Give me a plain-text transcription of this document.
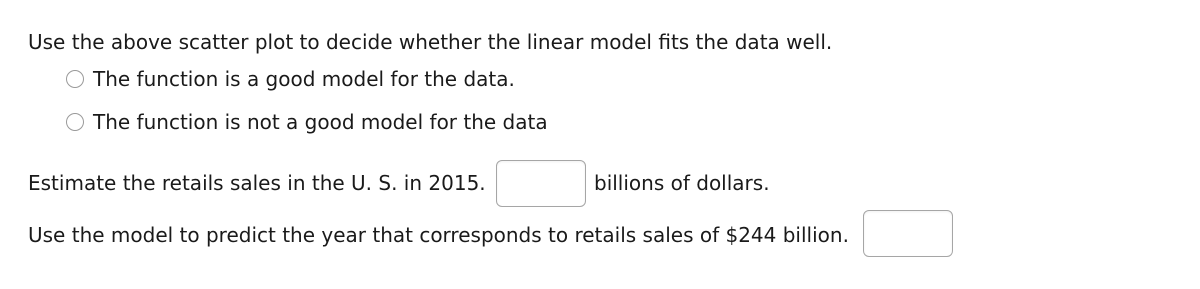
Use the above scatter plot to decide whether the linear model fits the data well.
The function is a good model for the data.
The function is not a good model for the data
Estimate the retails sales in the U. S. in 2015.	billions of dollars.
Use the model to predict the year that corresponds to retails sales of $244 billion.
